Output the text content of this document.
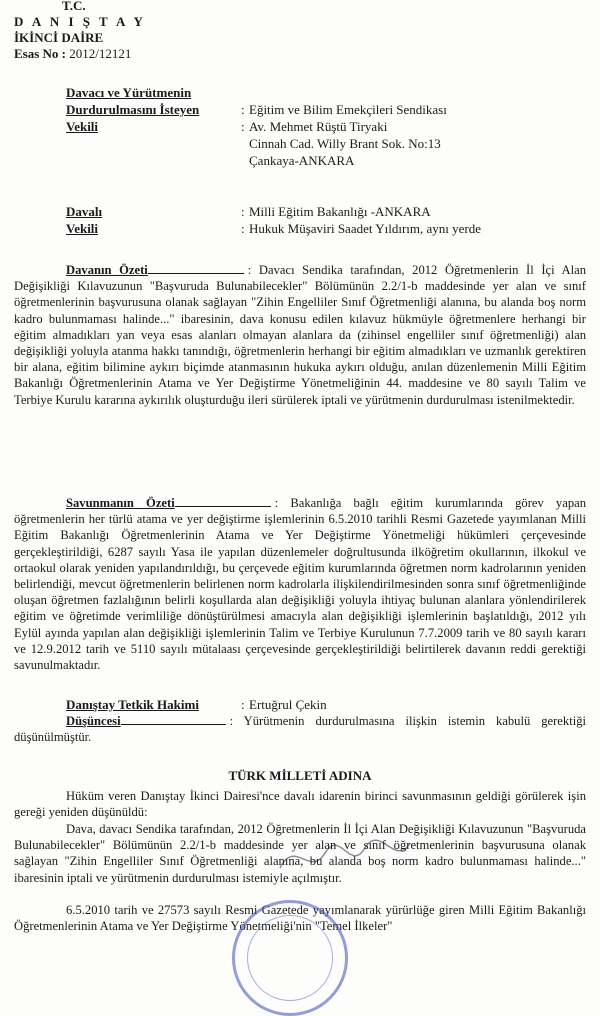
T.C.
D A N I Ş T A Y
İKİNCİ DAİRE
Esas No : 2012/12121
Davacı ve Yürütmenin
Durdurulmasını İsteyen	: Eğitim ve Bilim Emekçileri Sendikası
Vekili	: Av. Mehmet Rüştü Tiryaki
Cinnah Cad. Willy Brant Sok. No:13
Çankaya-ANKARA
Davalı	: Milli Eğitim Bakanlığı -ANKARA
Vekili	: Hukuk Müşaviri Saadet Yıldırım, aynı yerde
Davanın Özeti	: Davacı Sendika tarafından, 2012 Öğretmenlerin İl İçi Alan Değişikliği Kılavuzunun "Başvuruda Bulunabilecekler" Bölümünün 2.2/1-b maddesinde yer alan ve sınıf öğretmenlerinin başvurusuna olanak sağlayan "Zihin Engelliler Sınıf Öğretmenliği alanına, bu alanda boş norm kadro bulunmaması halinde..." ibaresinin, dava konusu edilen kılavuz hükmüyle öğretmenlere herhangi bir eğitim almadıkları yan veya esas alanları olmayan alanlara da (zihinsel engelliler sınıf öğretmenliği) alan değişikliği yoluyla atanma hakkı tanındığı, öğretmenlerin herhangi bir eğitim almadıkları ve uzmanlık gerektiren bir alana, eğitim bilimine aykırı biçimde atanmasının hukuka aykırı olduğu, anılan düzenlemenin Milli Eğitim Bakanlığı Öğretmenlerinin Atama ve Yer Değiştirme Yönetmeliğinin 44. maddesine ve 80 sayılı Talim ve Terbiye Kurulu kararına aykırılık oluşturduğu ileri sürülerek iptali ve yürütmenin durdurulması istenilmektedir.
Savunmanın Özeti	: Bakanlığa bağlı eğitim kurumlarında görev yapan öğretmenlerin her türlü atama ve yer değiştirme işlemlerinin 6.5.2010 tarihli Resmi Gazetede yayımlanan Milli Eğitim Bakanlığı Öğretmenlerinin Atama ve Yer Değiştirme Yönetmeliği hükümleri çerçevesinde gerçekleştirildiği, 6287 sayılı Yasa ile yapılan düzenlemeler doğrultusunda ilköğretim okullarının, ilkokul ve ortaokul olarak yeniden yapılandırıldığı, bu çerçevede eğitim kurumlarında öğretmen norm kadrolarının yeniden belirlendiği, mevcut öğretmenlerin belirlenen norm kadrolarla ilişkilendirilmesinden sonra sınıf öğretmenliğinde oluşan öğretmen fazlalığının belirli koşullarda alan değişikliği yoluyla ihtiyaç bulunan alanlara yönlendirilerek eğitim ve öğretimde verimliliğe dönüştürülmesi amacıyla alan değişikliği işlemlerinin başlatıldığı, 2012 yılı Eylül ayında yapılan alan değişikliği işlemlerinin Talim ve Terbiye Kurulunun 7.7.2009 tarih ve 80 sayılı kararı ve 12.9.2012 tarih ve 5110 sayılı mütalaası çerçevesinde gerçekleştirildiği belirtilerek davanın reddi gerektiği savunulmaktadır.
Danıştay Tetkik Hakimi	: Ertuğrul Çekin
Düşüncesi	: Yürütmenin durdurulmasına ilişkin istemin kabulü gerektiği düşünülmüştür.
TÜRK MİLLETİ ADINA
Hüküm veren Danıştay İkinci Dairesi'nce davalı idarenin birinci savunmasının geldiği görülerek işin gereği yeniden düşünüldü:
Dava, davacı Sendika tarafından, 2012 Öğretmenlerin İl İçi Alan Değişikliği Kılavuzunun "Başvuruda Bulunabilecekler" Bölümünün 2.2/1-b maddesinde yer alan ve sınıf öğretmenlerinin başvurusuna olanak sağlayan "Zihin Engelliler Sınıf Öğretmenliği alanına, bu alanda boş norm kadro bulunmaması halinde..." ibaresinin iptali ve yürütmenin durdurulması istemiyle açılmıştır.
6.5.2010 tarih ve 27573 sayılı Resmi Gazetede yayımlanarak yürürlüğe giren Milli Eğitim Bakanlığı Öğretmenlerinin Atama ve Yer Değiştirme Yönetmeliği'nin "Temel İlkeler"
